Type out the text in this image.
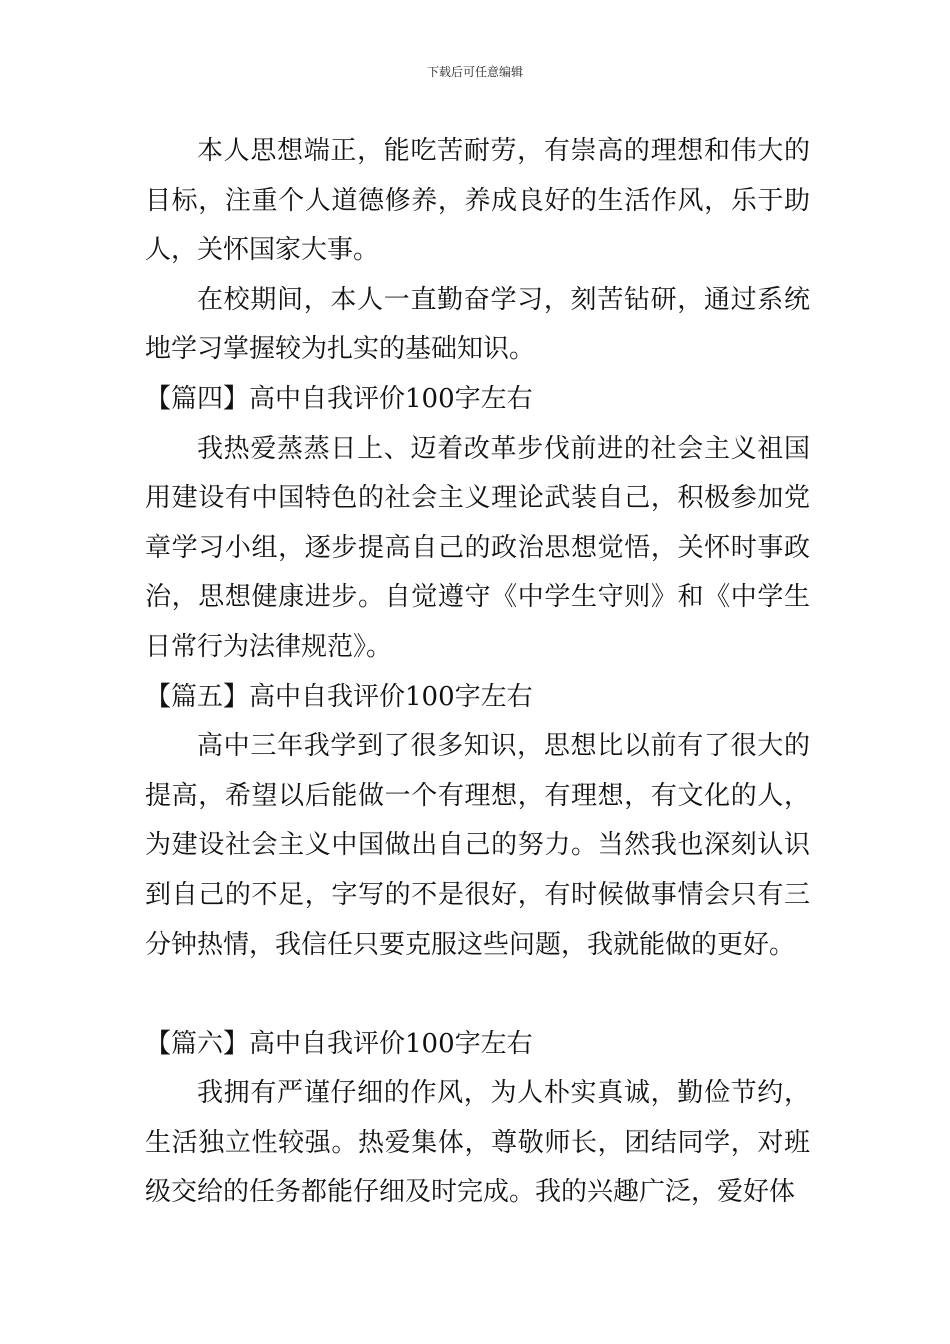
下载后可任意编辑

本人思想端正，能吃苦耐劳，有崇高的理想和伟大的目标，注重个人道德修养，养成良好的生活作风，乐于助人，关怀国家大事。

在校期间，本人一直勤奋学习，刻苦钻研，通过系统地学习掌握较为扎实的基础知识。

【篇四】高中自我评价100字左右

我热爱蒸蒸日上、迈着改革步伐前进的社会主义祖国用建设有中国特色的社会主义理论武装自己，积极参加党章学习小组，逐步提高自己的政治思想觉悟，关怀时事政治，思想健康进步。自觉遵守《中学生守则》和《中学生日常行为法律规范》。

【篇五】高中自我评价100字左右

高中三年我学到了很多知识，思想比以前有了很大的提高，希望以后能做一个有理想，有理想，有文化的人，为建设社会主义中国做出自己的努力。当然我也深刻认识到自己的不足，字写的不是很好，有时候做事情会只有三分钟热情，我信任只要克服这些问题，我就能做的更好。

【篇六】高中自我评价100字左右

我拥有严谨仔细的作风，为人朴实真诚，勤俭节约，生活独立性较强。热爱集体，尊敬师长，团结同学，对班级交给的任务都能仔细及时完成。我的兴趣广泛，爱好体
